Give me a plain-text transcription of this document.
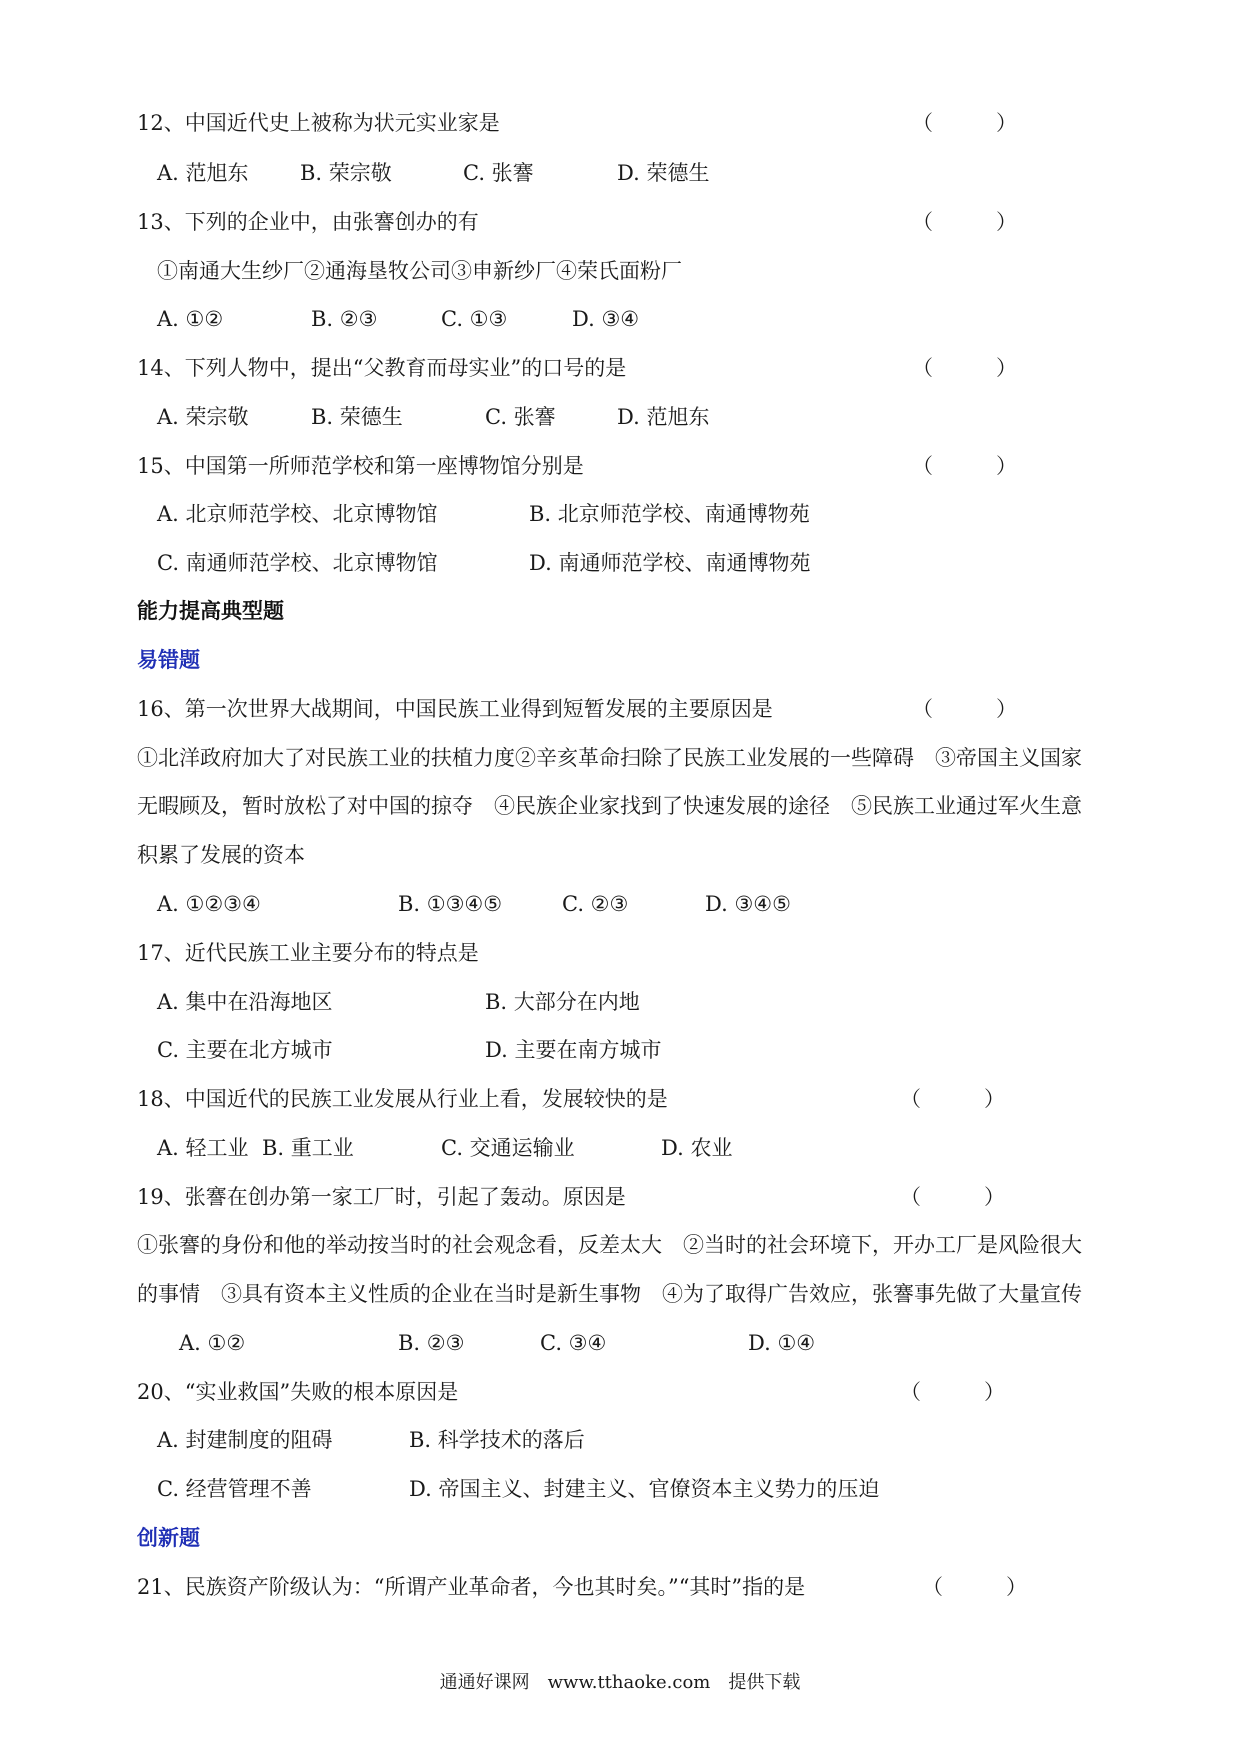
12、中国近代史上被称为状元实业家是	（　　　）
A. 范旭东 B. 荣宗敬	C. 张謇	D. 荣德生
13、下列的企业中，由张謇创办的有	（　　　）
①南通大生纱厂②通海垦牧公司③申新纱厂④荣氏面粉厂
A. ①②	B. ②③	C. ①③	D. ③④
14、下列人物中，提出“父教育而母实业”的口号的是	（　　　）
A. 荣宗敬	B. 荣德生	C. 张謇	D. 范旭东
15、中国第一所师范学校和第一座博物馆分别是	（　　　）
A. 北京师范学校、北京博物馆	B. 北京师范学校、南通博物苑
C. 南通师范学校、北京博物馆	D. 南通师范学校、南通博物苑
能力提高典型题
易错题
16、第一次世界大战期间，中国民族工业得到短暂发展的主要原因是	（　　　）
①北洋政府加大了对民族工业的扶植力度②辛亥革命扫除了民族工业发展的一些障碍　③帝国主义国家
无暇顾及，暂时放松了对中国的掠夺　④民族企业家找到了快速发展的途径　⑤民族工业通过军火生意
积累了发展的资本
A. ①②③④	B. ①③④⑤	C. ②③	D. ③④⑤
17、近代民族工业主要分布的特点是
A. 集中在沿海地区	B. 大部分在内地
C. 主要在北方城市	D. 主要在南方城市
18、中国近代的民族工业发展从行业上看，发展较快的是	（　　　）
A. 轻工业 B. 重工业	C. 交通运输业	D. 农业
19、张謇在创办第一家工厂时，引起了轰动。原因是	（　　　）
①张謇的身份和他的举动按当时的社会观念看，反差太大　②当时的社会环境下，开办工厂是风险很大
的事情　③具有资本主义性质的企业在当时是新生事物　④为了取得广告效应，张謇事先做了大量宣传
A. ①②	B. ②③	C. ③④	D. ①④
20、“实业救国”失败的根本原因是	（　　　）
A. 封建制度的阻碍	B. 科学技术的落后
C. 经营管理不善	D. 帝国主义、封建主义、官僚资本主义势力的压迫
创新题
21、民族资产阶级认为：“所谓产业革命者，今也其时矣。”“其时”指的是	（　　　）
通通好课网　www.tthaoke.com　提供下载
